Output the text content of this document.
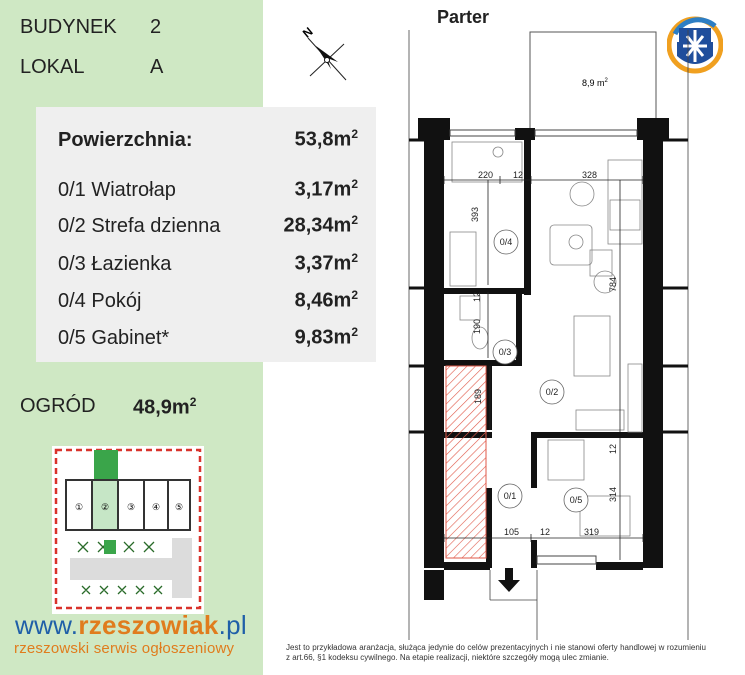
BUDYNEK 2
LOKAL	A
Powierzchnia:	$53,8m^2$
0/1 Wiatrołap	$3,17m^2$
0/2 Strefa dzienna	$28,34m^2$
0/3 Łazienka	$3,37m^2$
0/4 Pokój	$8,46m^2$
0/5 Gabinet*	$9,83m^2$
OGRÓD $48,9m^2$
① ② ③ ④ ⑤
www.rzeszowiak.pl
rzeszowski serwis ogłoszeniowy
N
Parter
8,9 $m^2$
220 12	328
393
784
190
12
189
12
314
105 12	319
0/4
0/3
0/2
0/1	0/5
Jest to przykładowa aranżacja, służąca jedynie do celów prezentacyjnych i nie stanowi oferty handlowej w rozumieniu z art.66, §1 kodeksu cywilnego. Na etapie realizacji, niektóre szczegóły mogą ulec zmianie.
